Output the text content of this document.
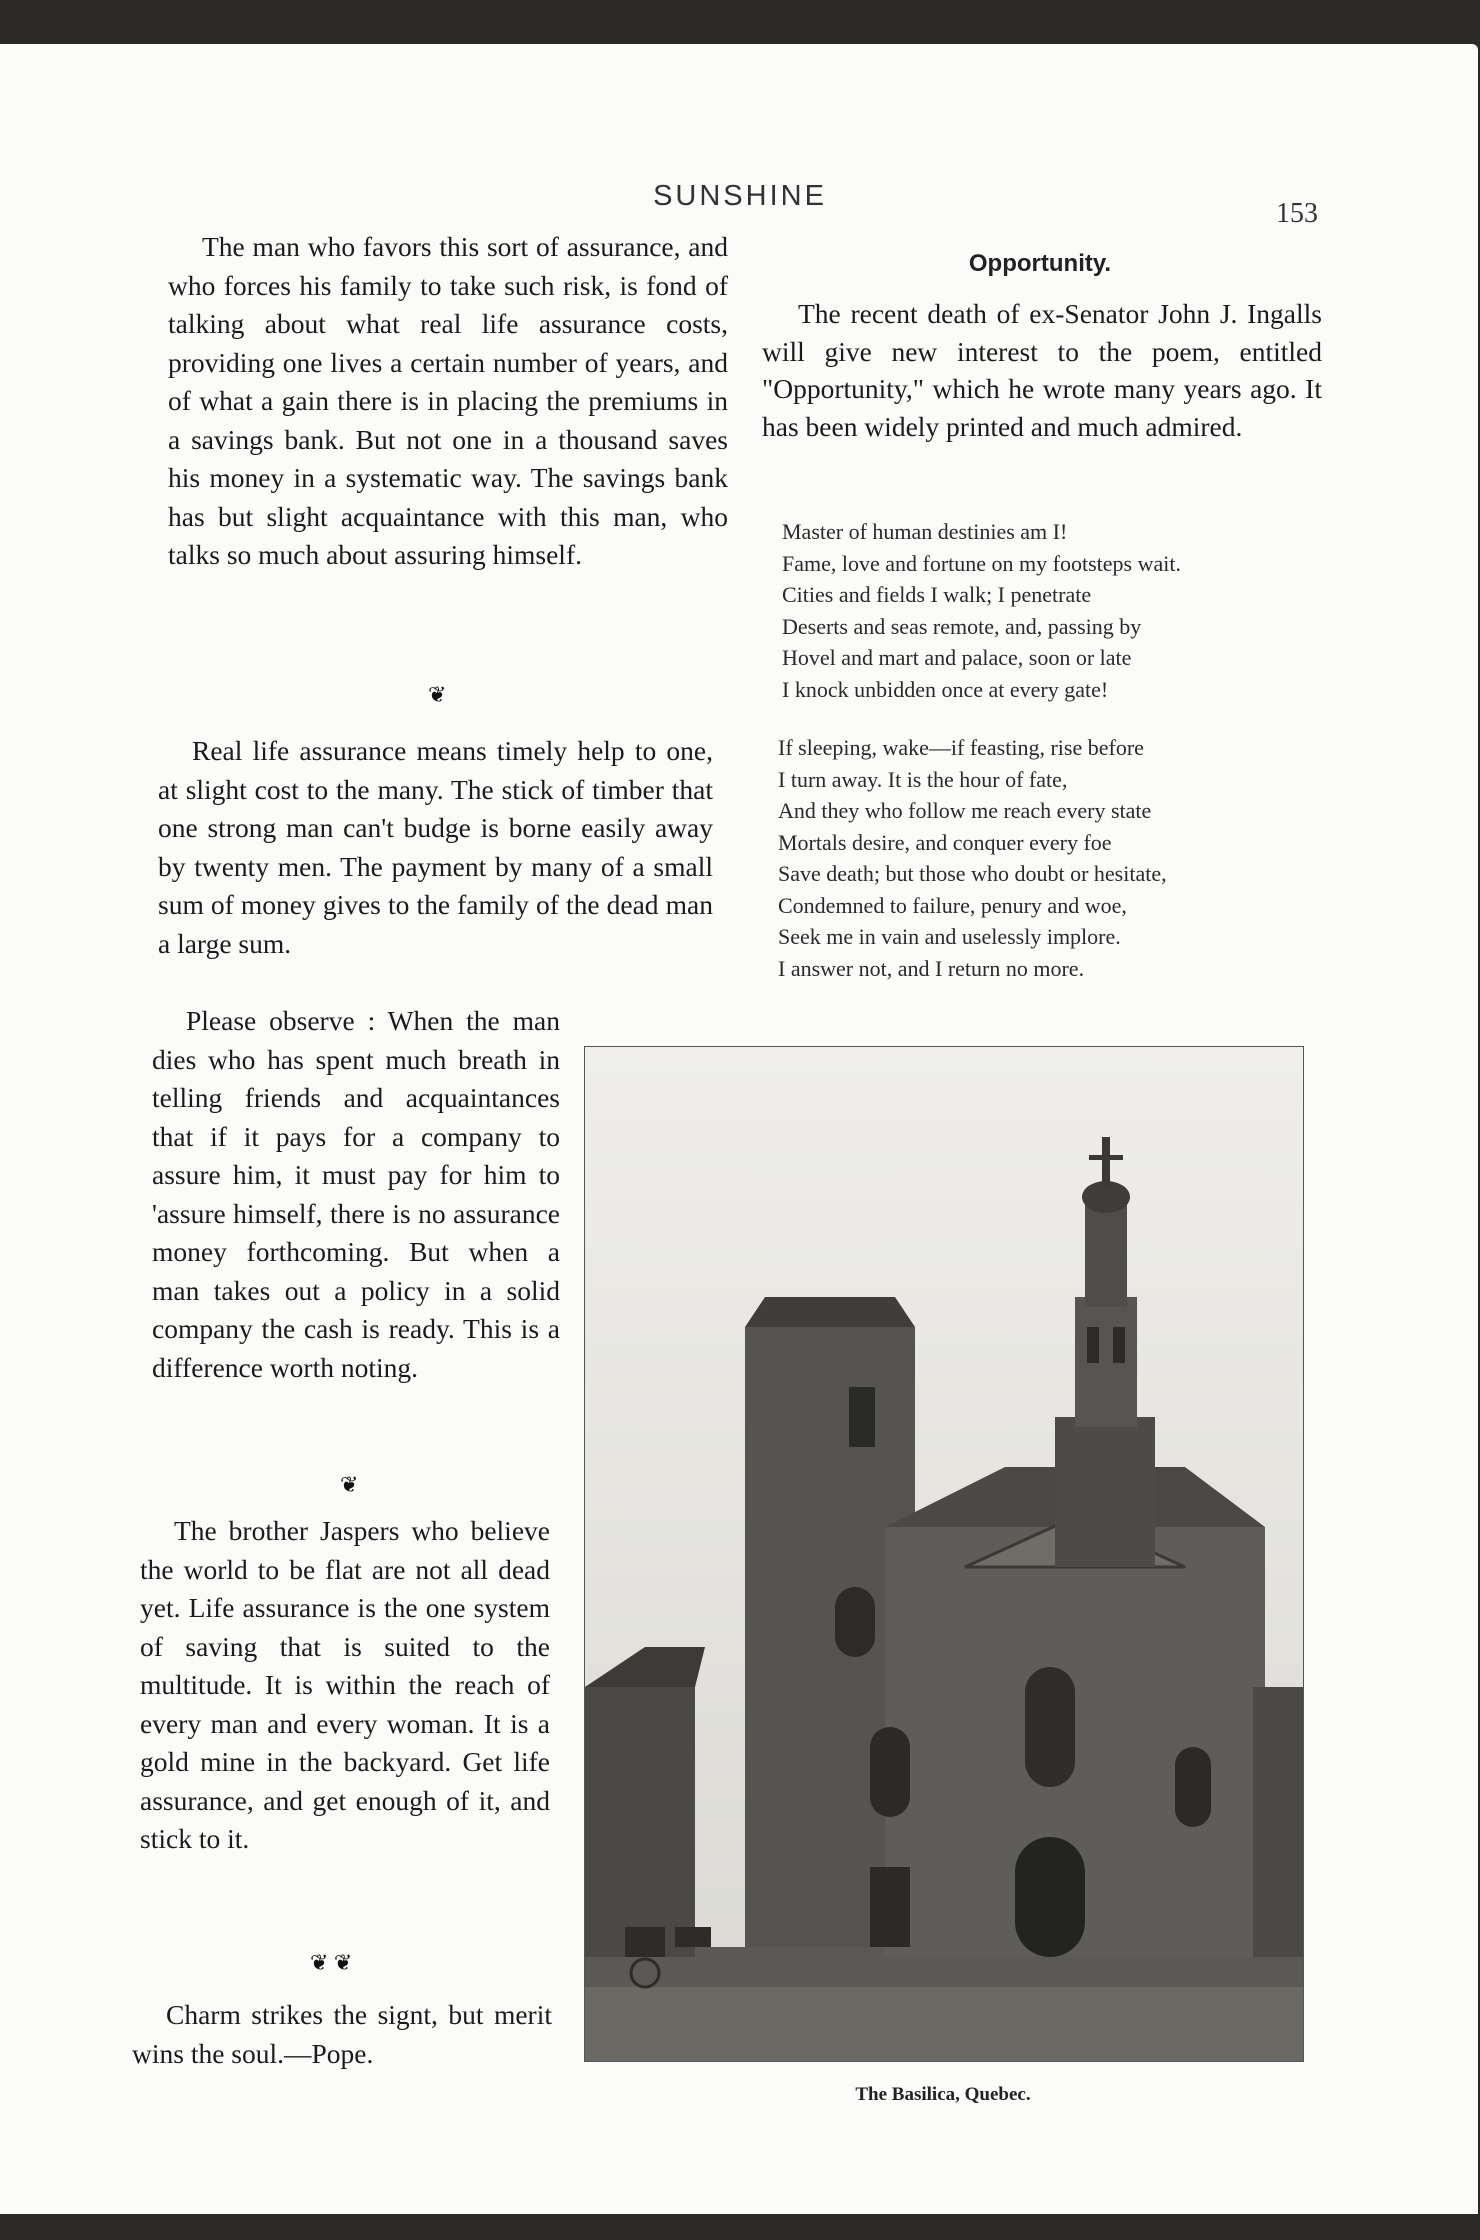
SUNSHINE
153

The man who favors this sort of assurance, and who forces his family to take such risk, is fond of talking about what real life assurance costs, providing one lives a certain number of years, and of what a gain there is in placing the premiums in a savings bank. But not one in a thousand saves his money in a systematic way. The savings bank has but slight acquaintance with this man, who talks so much about assuring himself.

❦

Real life assurance means timely help to one, at slight cost to the many. The stick of timber that one strong man can't budge is borne easily away by twenty men. The payment by many of a small sum of money gives to the family of the dead man a large sum.

Please observe : When the man dies who has spent much breath in telling friends and acquaintances that if it pays for a company to assure him, it must pay for him to 'assure himself, there is no assurance money forthcoming. But when a man takes out a policy in a solid company the cash is ready. This is a difference worth noting.

❦

The brother Jaspers who believe the world to be flat are not all dead yet. Life assurance is the one system of saving that is suited to the multitude. It is within the reach of every man and every woman. It is a gold mine in the backyard. Get life assurance, and get enough of it, and stick to it.

❦ ❦

Charm strikes the signt, but merit wins the soul.—Pope.

Opportunity.

The recent death of ex-Senator John J. Ingalls will give new interest to the poem, entitled "Opportunity," which he wrote many years ago. It has been widely printed and much admired.

Master of human destinies am I!
Fame, love and fortune on my footsteps wait.
Cities and fields I walk; I penetrate
Deserts and seas remote, and, passing by
Hovel and mart and palace, soon or late
I knock unbidden once at every gate!
If sleeping, wake—if feasting, rise before
I turn away. It is the hour of fate,
And they who follow me reach every state
Mortals desire, and conquer every foe
Save death; but those who doubt or hesitate,
Condemned to failure, penury and woe,
Seek me in vain and uselessly implore.
I answer not, and I return no more.
The Basilica, Quebec.
